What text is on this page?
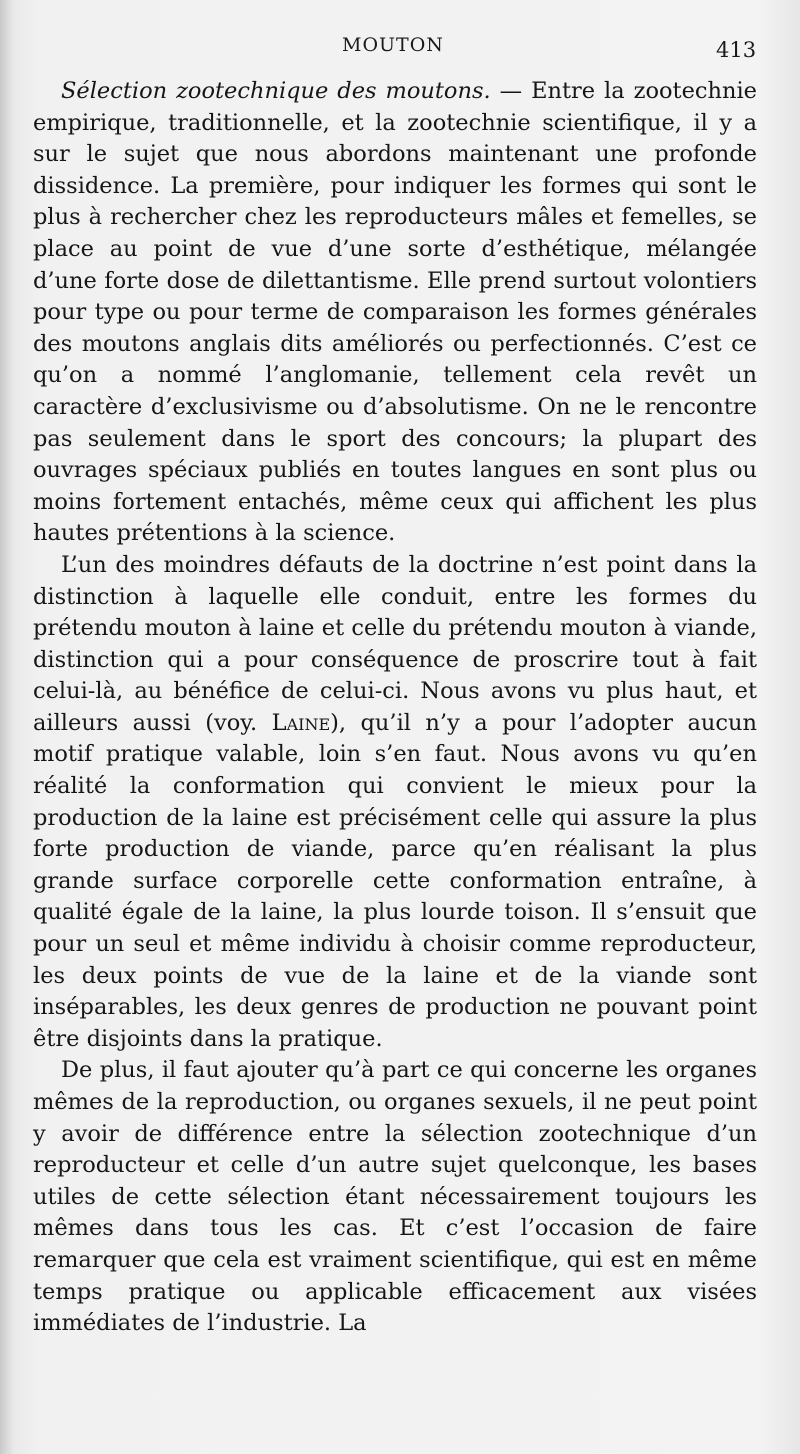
MOUTON	413

Sélection zootechnique des moutons. — Entre la zootechnie empirique, traditionnelle, et la zootechnie scientifique, il y a sur le sujet que nous abordons maintenant une profonde dissidence. La première, pour indiquer les formes qui sont le plus à rechercher chez les reproducteurs mâles et femelles, se place au point de vue d’une sorte d’esthétique, mélangée d’une forte dose de dilettantisme. Elle prend surtout volontiers pour type ou pour terme de comparaison les formes générales des moutons anglais dits améliorés ou perfectionnés. C’est ce qu’on a nommé l’anglomanie, tellement cela revêt un caractère d’exclusivisme ou d’absolutisme. On ne le rencontre pas seulement dans le sport des concours; la plupart des ouvrages spéciaux publiés en toutes langues en sont plus ou moins fortement entachés, même ceux qui affichent les plus hautes prétentions à la science.

L’un des moindres défauts de la doctrine n’est point dans la distinction à laquelle elle conduit, entre les formes du prétendu mouton à laine et celle du prétendu mouton à viande, distinction qui a pour conséquence de proscrire tout à fait celui-là, au bénéfice de celui-ci. Nous avons vu plus haut, et ailleurs aussi (voy. Laine), qu’il n’y a pour l’adopter aucun motif pratique valable, loin s’en faut. Nous avons vu qu’en réalité la conformation qui convient le mieux pour la production de la laine est précisément celle qui assure la plus forte production de viande, parce qu’en réalisant la plus grande surface corporelle cette conformation entraîne, à qualité égale de la laine, la plus lourde toison. Il s’ensuit que pour un seul et même individu à choisir comme reproducteur, les deux points de vue de la laine et de la viande sont inséparables, les deux genres de production ne pouvant point être disjoints dans la pratique.

De plus, il faut ajouter qu’à part ce qui concerne les organes mêmes de la reproduction, ou organes sexuels, il ne peut point y avoir de différence entre la sélection zootechnique d’un reproducteur et celle d’un autre sujet quelconque, les bases utiles de cette sélection étant nécessairement toujours les mêmes dans tous les cas. Et c’est l’occasion de faire remarquer que cela est vraiment scientifique, qui est en même temps pratique ou applicable efficacement aux visées immédiates de l’industrie. La
